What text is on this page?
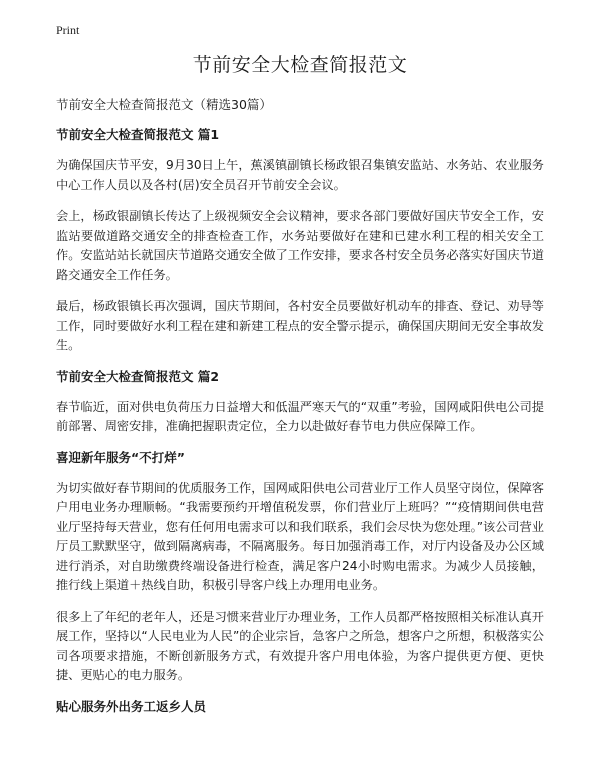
Print
节前安全大检查简报范文
节前安全大检查简报范文（精选30篇）
节前安全大检查简报范文 篇1

为确保国庆节平安，9月30日上午，蕉溪镇副镇长杨政银召集镇安监站、水务站、农业服务中心工作人员以及各村(居)安全员召开节前安全会议。

会上，杨政银副镇长传达了上级视频安全会议精神，要求各部门要做好国庆节安全工作，安监站要做道路交通安全的排查检查工作，水务站要做好在建和已建水利工程的相关安全工作。安监站站长就国庆节道路交通安全做了工作安排，要求各村安全员务必落实好国庆节道路交通安全工作任务。

最后，杨政银镇长再次强调，国庆节期间，各村安全员要做好机动车的排查、登记、劝导等工作，同时要做好水利工程在建和新建工程点的安全警示提示，确保国庆期间无安全事故发生。

节前安全大检查简报范文 篇2

春节临近，面对供电负荷压力日益增大和低温严寒天气的“双重”考验，国网咸阳供电公司提前部署、周密安排，准确把握职责定位，全力以赴做好春节电力供应保障工作。

喜迎新年服务“不打烊”

为切实做好春节期间的优质服务工作，国网咸阳供电公司营业厅工作人员坚守岗位，保障客户用电业务办理顺畅。“我需要预约开增值税发票，你们营业厅上班吗？”“疫情期间供电营业厅坚持每天营业，您有任何用电需求可以和我们联系，我们会尽快为您处理。”该公司营业厅员工默默坚守，做到隔离病毒，不隔离服务。每日加强消毒工作，对厅内设备及办公区域进行消杀，对自助缴费终端设备进行检查，满足客户24小时购电需求。为减少人员接触，推行线上渠道＋热线自助，积极引导客户线上办理用电业务。

很多上了年纪的老年人，还是习惯来营业厅办理业务，工作人员都严格按照相关标准认真开展工作，坚持以“人民电业为人民”的企业宗旨，急客户之所急，想客户之所想，积极落实公司各项要求措施，不断创新服务方式，有效提升客户用电体验，为客户提供更方便、更快捷、更贴心的电力服务。

贴心服务外出务工返乡人员
